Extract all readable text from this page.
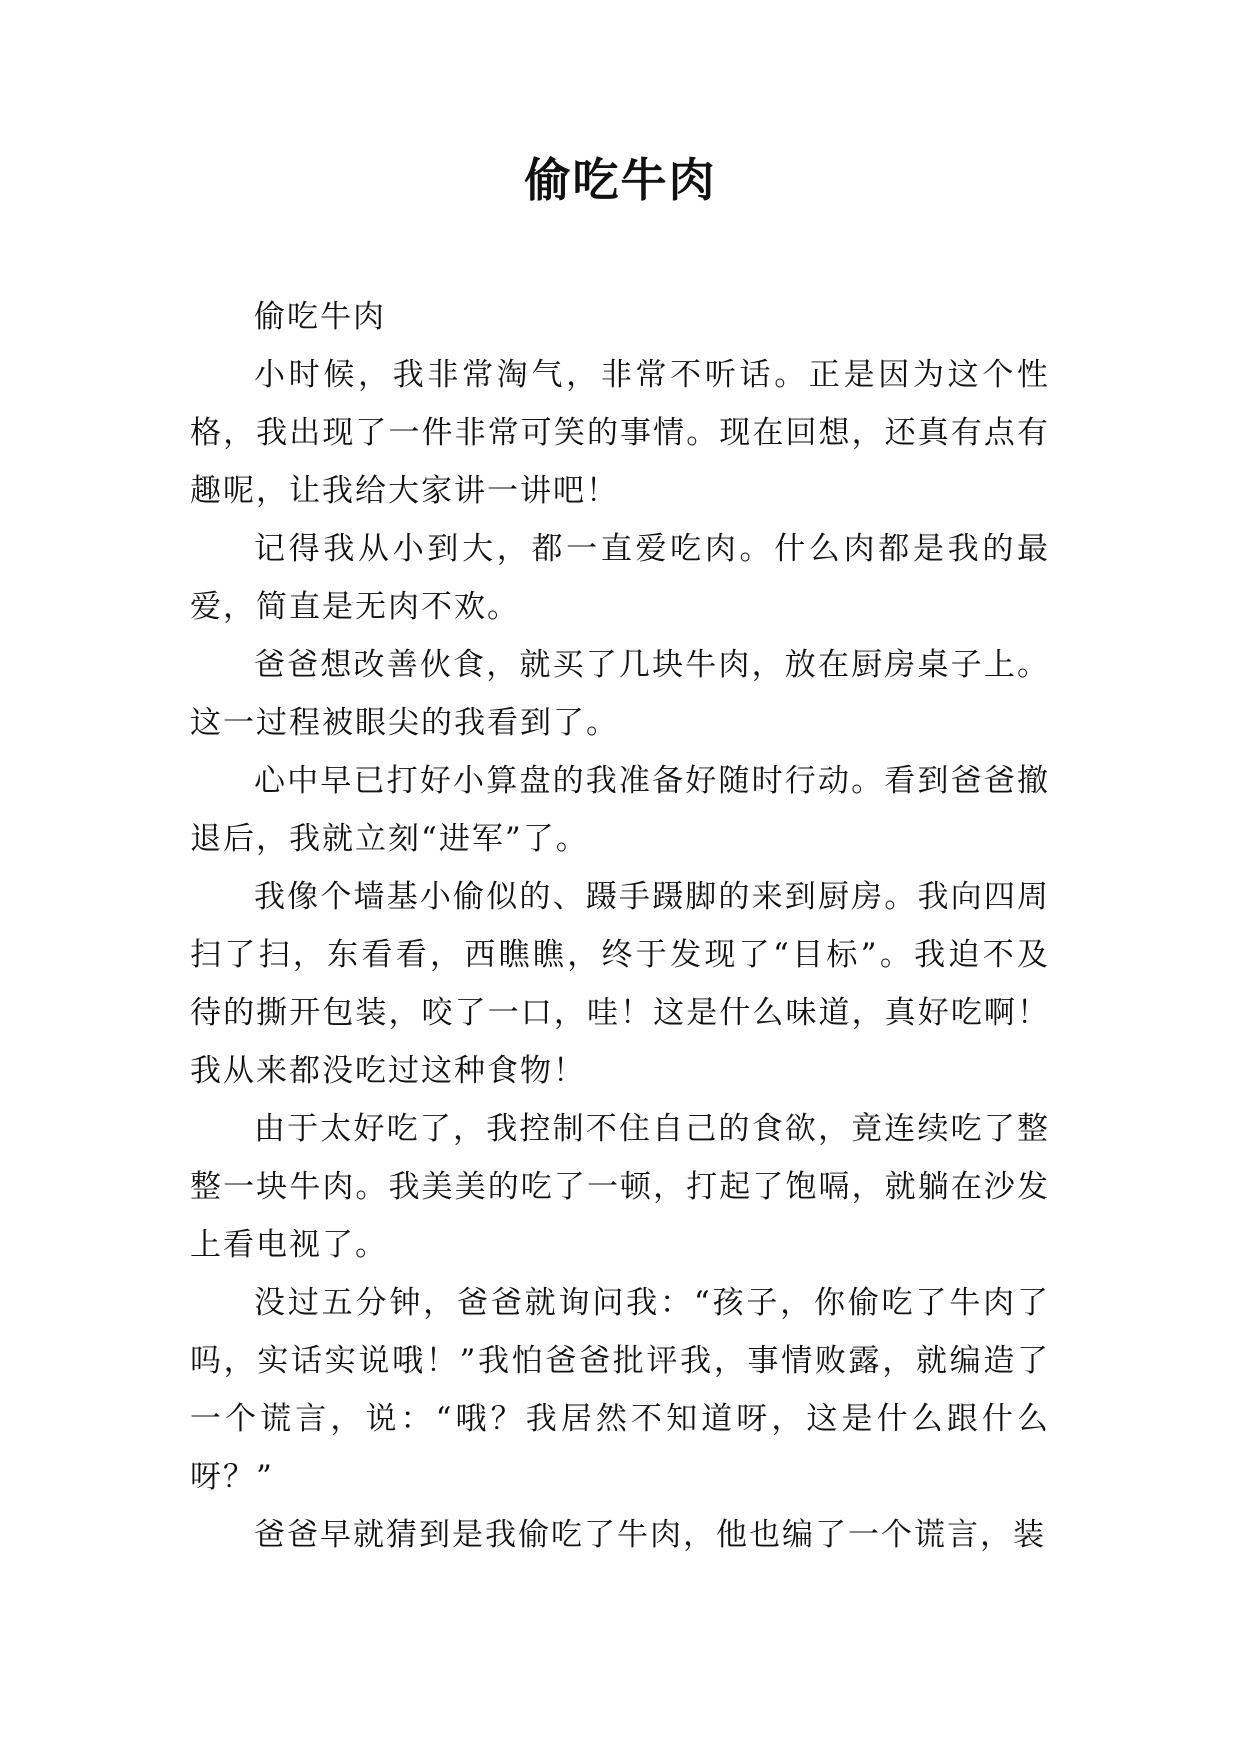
偷吃牛肉

偷吃牛肉

小时候，我非常淘气，非常不听话。正是因为这个性格，我出现了一件非常可笑的事情。现在回想，还真有点有趣呢，让我给大家讲一讲吧！

记得我从小到大，都一直爱吃肉。什么肉都是我的最爱，简直是无肉不欢。

爸爸想改善伙食，就买了几块牛肉，放在厨房桌子上。这一过程被眼尖的我看到了。

心中早已打好小算盘的我准备好随时行动。看到爸爸撤退后，我就立刻“进军”了。

我像个墙基小偷似的、蹑手蹑脚的来到厨房。我向四周扫了扫，东看看，西瞧瞧，终于发现了“目标”。我迫不及待的撕开包装，咬了一口，哇！这是什么味道，真好吃啊！我从来都没吃过这种食物！

由于太好吃了，我控制不住自己的食欲，竟连续吃了整整一块牛肉。我美美的吃了一顿，打起了饱嗝，就躺在沙发上看电视了。

没过五分钟，爸爸就询问我：“孩子，你偷吃了牛肉了吗，实话实说哦！”我怕爸爸批评我，事情败露，就编造了一个谎言，说：“哦？我居然不知道呀，这是什么跟什么呀？”

爸爸早就猜到是我偷吃了牛肉，他也编了一个谎言，装
